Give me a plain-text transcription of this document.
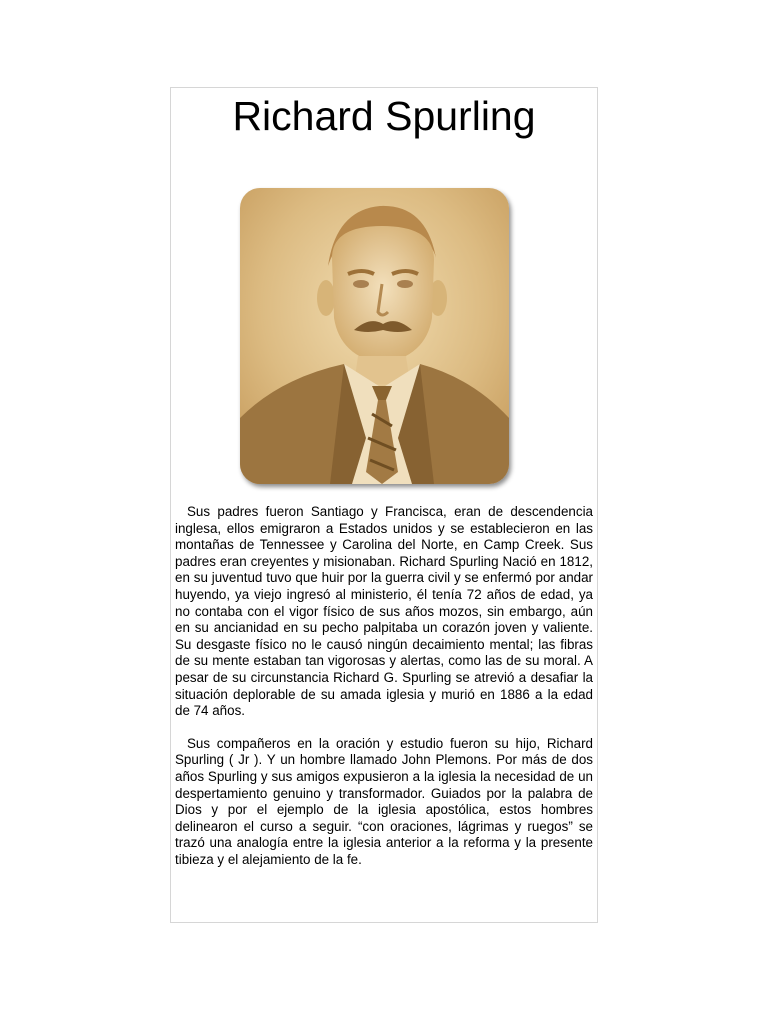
Richard Spurling

Sus padres fueron Santiago y Francisca, eran de descendencia inglesa, ellos emigraron a Estados unidos y se establecieron en las montañas de Tennessee y Carolina del Norte, en Camp Creek. Sus padres eran creyentes y misionaban. Richard Spurling Nació en 1812, en su juventud tuvo que huir por la guerra civil y se enfermó por andar huyendo, ya viejo ingresó al ministerio, él tenía 72 años de edad, ya no contaba con el vigor físico de sus años mozos, sin embargo, aún en su ancianidad en su pecho palpitaba un corazón joven y valiente. Su desgaste físico no le causó ningún decaimiento mental; las fibras de su mente estaban tan vigorosas y alertas, como las de su moral. A pesar de su circunstancia Richard G. Spurling se atrevió a desafiar la situación deplorable de su amada iglesia y murió en 1886 a la edad de 74 años.

Sus compañeros en la oración y estudio fueron su hijo, Richard Spurling ( Jr ). Y un hombre llamado John Plemons. Por más de dos años Spurling y sus amigos expusieron a la iglesia la necesidad de un despertamiento genuino y transformador. Guiados por la palabra de Dios y por el ejemplo de la iglesia apostólica, estos hombres delinearon el curso a seguir. “con oraciones, lágrimas y ruegos” se trazó una analogía entre la iglesia anterior a la reforma y la presente tibieza y el alejamiento de la fe.
